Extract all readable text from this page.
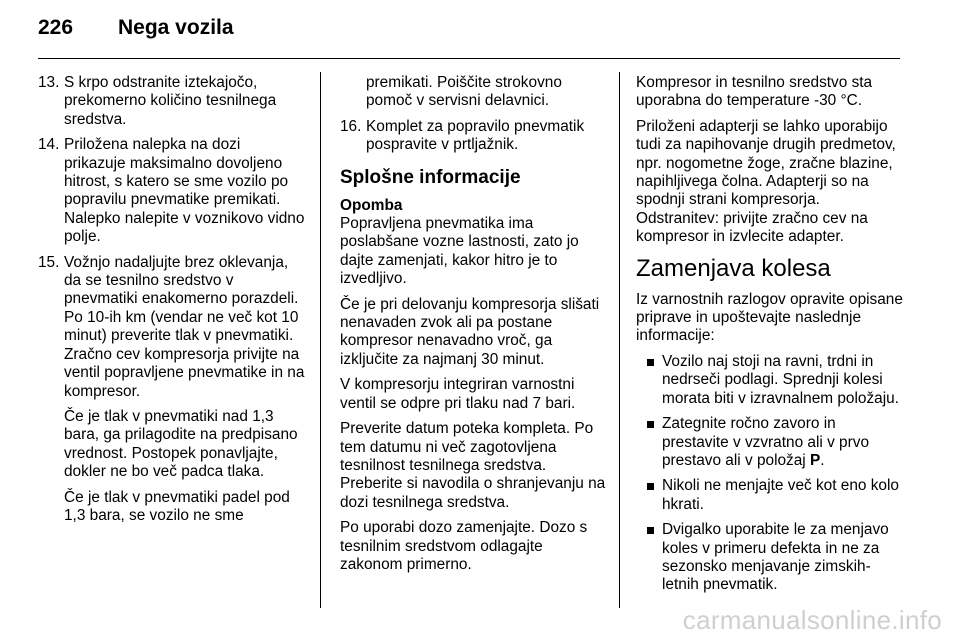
226 Nega vozila
13. S krpo odstranite iztekajočo, prekomerno količino tesnilnega sredstva.
14. Priložena nalepka na dozi prikazuje maksimalno dovoljeno hitrost, s katero se sme vozilo po popravilu pnevmatike premikati. Nalepko nalepite v voznikovo vidno polje.
15. Vožnjo nadaljujte brez oklevanja, da se tesnilno sredstvo v pnevmatiki enakomerno porazdeli. Po 10-ih km (vendar ne več kot 10 minut) preverite tlak v pnevmatiki. Zračno cev kompresorja privijte na ventil popravljene pnevmatike in na kompresor.

Če je tlak v pnevmatiki nad 1,3 bara, ga prilagodite na predpisano vrednost. Postopek ponavljajte, dokler ne bo več padca tlaka.

Če je tlak v pnevmatiki padel pod 1,3 bara, se vozilo ne sme

premikati. Poiščite strokovno pomoč v servisni delavnici.

16. Komplet za popravilo pnevmatik pospravite v prtljažnik.
Splošne informacije

Opomba

Popravljena pnevmatika ima poslabšane vozne lastnosti, zato jo dajte zamenjati, kakor hitro je to izvedljivo.

Če je pri delovanju kompresorja slišati nenavaden zvok ali pa postane kompresor nenavadno vroč, ga izključite za najmanj 30 minut.

V kompresorju integriran varnostni ventil se odpre pri tlaku nad 7 bari.

Preverite datum poteka kompleta. Po tem datumu ni več zagotovljena tesnilnost tesnilnega sredstva. Preberite si navodila o shranjevanju na dozi tesnilnega sredstva.

Po uporabi dozo zamenjajte. Dozo s tesnilnim sredstvom odlagajte zakonom primerno.

Kompresor in tesnilno sredstvo sta uporabna do temperature -30 °C.

Priloženi adapterji se lahko uporabijo tudi za napihovanje drugih predmetov, npr. nogometne žoge, zračne blazine, napihljivega čolna. Adapterji so na spodnji strani kompresorja. Odstranitev: privijte zračno cev na kompresor in izvlecite adapter.

Zamenjava kolesa

Iz varnostnih razlogov opravite opisane priprave in upoštevajte naslednje informacije:

Vozilo naj stoji na ravni, trdni in nedrseči podlagi. Sprednji kolesi morata biti v izravnalnem položaju.
Zategnite ročno zavoro in prestavite v vzvratno ali v prvo prestavo ali v položaj P.
Nikoli ne menjajte več kot eno kolo hkrati.
Dvigalko uporabite le za menjavo koles v primeru defekta in ne za sezonsko menjavanje zimskih-letnih pnevmatik.
carmanualsonline.info
